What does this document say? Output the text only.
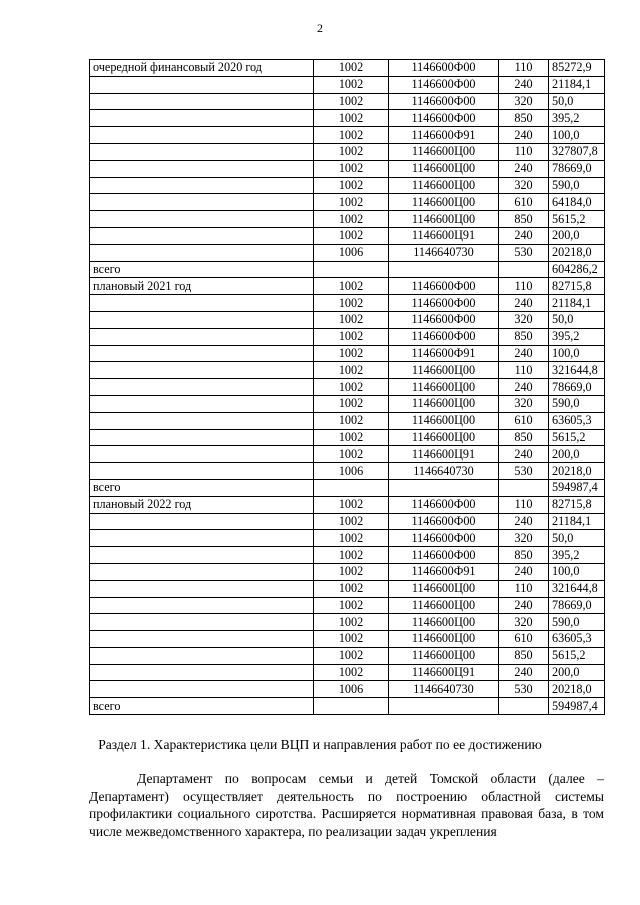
2
очередной финансовый 2020 год	1002	1146600Ф00	110	85272,9
	1002	1146600Ф00	240	21184,1
	1002	1146600Ф00	320	50,0
	1002	1146600Ф00	850	395,2
	1002	1146600Ф91	240	100,0
	1002	1146600Ц00	110	327807,8
	1002	1146600Ц00	240	78669,0
	1002	1146600Ц00	320	590,0
	1002	1146600Ц00	610	64184,0
	1002	1146600Ц00	850	5615,2
	1002	1146600Ц91	240	200,0
	1006	1146640730	530	20218,0
всего				604286,2
плановый 2021 год	1002	1146600Ф00	110	82715,8
	1002	1146600Ф00	240	21184,1
	1002	1146600Ф00	320	50,0
	1002	1146600Ф00	850	395,2
	1002	1146600Ф91	240	100,0
	1002	1146600Ц00	110	321644,8
	1002	1146600Ц00	240	78669,0
	1002	1146600Ц00	320	590,0
	1002	1146600Ц00	610	63605,3
	1002	1146600Ц00	850	5615,2
	1002	1146600Ц91	240	200,0
	1006	1146640730	530	20218,0
всего				594987,4
плановый 2022 год	1002	1146600Ф00	110	82715,8
	1002	1146600Ф00	240	21184,1
	1002	1146600Ф00	320	50,0
	1002	1146600Ф00	850	395,2
	1002	1146600Ф91	240	100,0
	1002	1146600Ц00	110	321644,8
	1002	1146600Ц00	240	78669,0
	1002	1146600Ц00	320	590,0
	1002	1146600Ц00	610	63605,3
	1002	1146600Ц00	850	5615,2
	1002	1146600Ц91	240	200,0
	1006	1146640730	530	20218,0
всего				594987,4
Раздел 1. Характеристика цели ВЦП и направления работ по ее достижению

Департамент по вопросам семьи и детей Томской области (далее – Департамент) осуществляет деятельность по построению областной системы профилактики социального сиротства. Расширяется нормативная правовая база, в том числе межведомственного характера, по реализации задач укрепления
